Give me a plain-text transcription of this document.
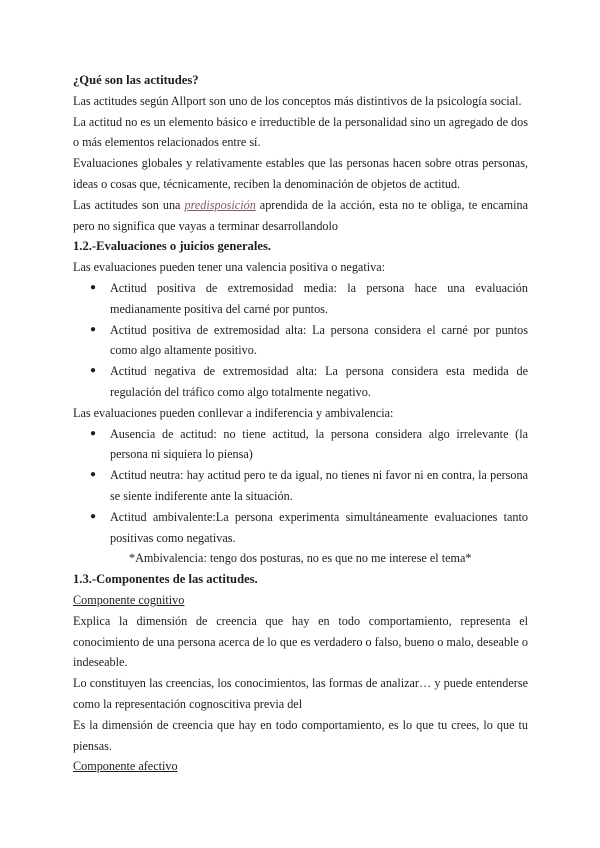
¿Qué son las actitudes?

Las actitudes según Allport son uno de los conceptos más distintivos de la psicología social.

La actitud no es un elemento básico e irreductible de la personalidad sino un agregado de dos o más elementos relacionados entre sí.

Evaluaciones globales y relativamente estables que las personas hacen sobre otras personas, ideas o cosas que, técnicamente, reciben la denominación de objetos de actitud.

Las actitudes son una predisposición aprendida de la acción, esta no te obliga, te encamina pero no significa que vayas a terminar desarrollandolo

1.2.-Evaluaciones o juicios generales.

Las evaluaciones pueden tener una valencia positiva o negativa:

● Actitud positiva de extremosidad media: la persona hace una evaluación medianamente positiva del carné por puntos.
● Actitud positiva de extremosidad alta: La persona considera el carné por puntos como algo altamente positivo.
● Actitud negativa de extremosidad alta: La persona considera esta medida de regulación del tráfico como algo totalmente negativo.

Las evaluaciones pueden conllevar a indiferencia y ambivalencia:

● Ausencia de actitud: no tiene actitud, la persona considera algo irrelevante (la persona ni siquiera lo piensa)
● Actitud neutra: hay actitud pero te da igual, no tienes ni favor ni en contra, la persona se siente indiferente ante la situación.
● Actitud ambivalente:La persona experimenta simultáneamente evaluaciones tanto positivas como negativas.

*Ambivalencia: tengo dos posturas, no es que no me interese el tema*

1.3.-Componentes de las actitudes.

Componente cognitivo

Explica la dimensión de creencia que hay en todo comportamiento, representa el conocimiento de una persona acerca de lo que es verdadero o falso, bueno o malo, deseable o indeseable.

Lo constituyen las creencias, los conocimientos, las formas de analizar… y puede entenderse como la representación cognoscitiva previa del

Es la dimensión de creencia que hay en todo comportamiento, es lo que tu crees, lo que tu piensas.

Componente afectivo
